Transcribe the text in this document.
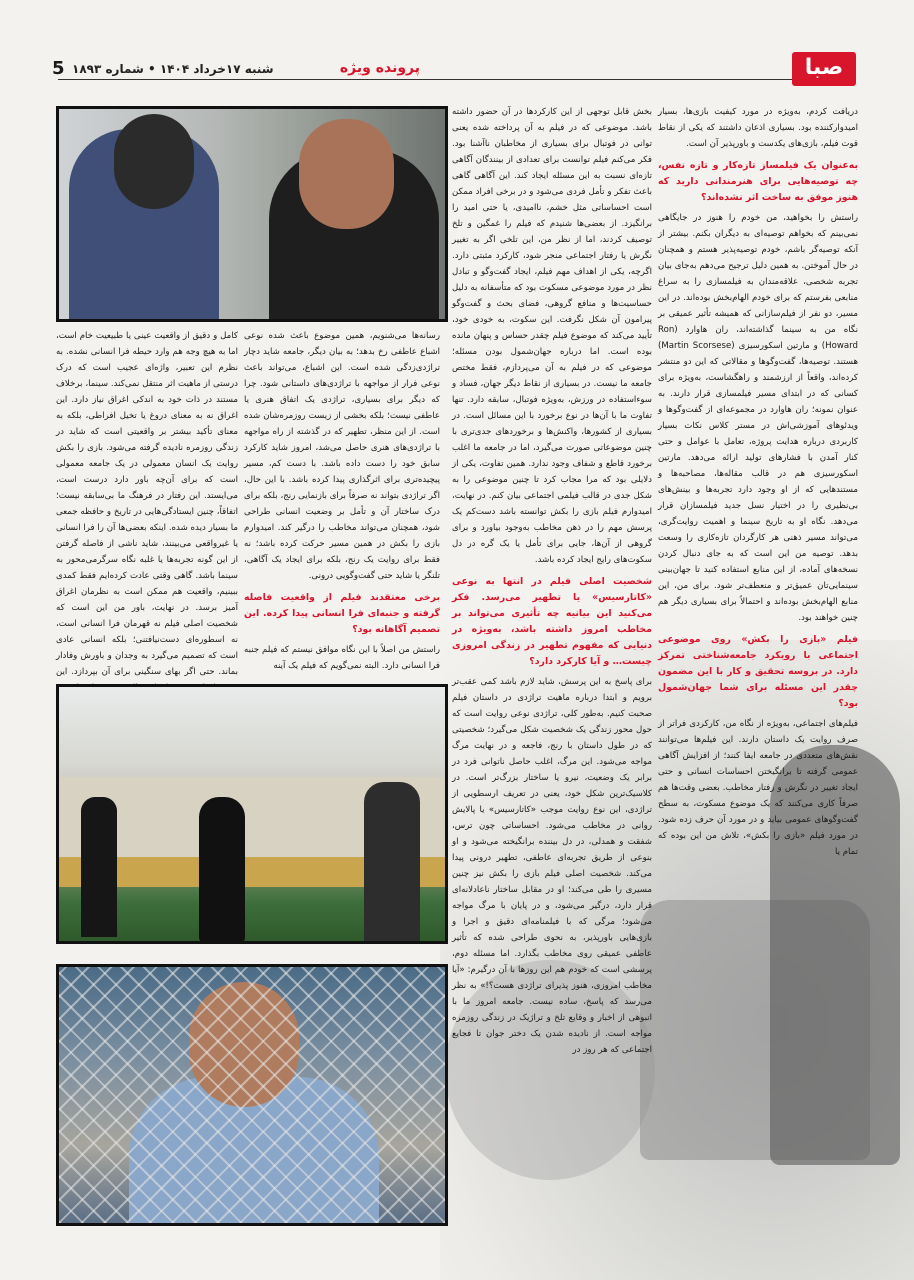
صبا
پرونده ویژه
شنبه ۱۷خرداد ۱۴۰۴ • شماره ۱۸۹۳
5

دریافت کردم، به‌ویژه در مورد کیفیت بازی‌ها، بسیار امیدوارکننده بود. بسیاری اذعان داشتند که یکی از نقاط قوت فیلم، بازی‌های یکدست و باورپذیر آن است.

به‌عنوان یک فیلمساز تازه‌کار و تازه نفس، چه توصیه‌هایی برای هنرمندانی دارید که هنوز موفق به ساخت اثر نشده‌اند؟

راستش را بخواهید، من خودم را هنوز در جایگاهی نمی‌بینم که بخواهم توصیه‌ای به دیگران بکنم. بیشتر از آنکه توصیه‌گر باشم، خودم توصیه‌پذیر هستم و همچنان در حال آموختن. به همین دلیل ترجیح می‌دهم به‌جای بیان تجربه شخصی، علاقه‌مندان به فیلمسازی را به سراغ منابعی بفرستم که برای خودم الهام‌بخش بوده‌اند. در این مسیر، دو نفر از فیلم‌سازانی که همیشه تأثیر عمیقی بر نگاه من به سینما گذاشته‌اند، ران هاوارد (Ron Howard) و مارتین اسکورسیزی (Martin Scorsese) هستند. توصیه‌ها، گفت‌وگوها و مقالاتی که این دو منتشر کرده‌اند، واقعاً از ارزشمند و راهگشاست، به‌ویژه برای کسانی که در ابتدای مسیر فیلمسازی قرار دارند. به عنوان نمونه؛ ران هاوارد در مجموعه‌ای از گفت‌وگوها و ویدئوهای آموزشی‌اش در مستر کلاس نکات بسیار کاربردی درباره هدایت پروژه، تعامل با عوامل و حتی کنار آمدن با فشارهای تولید ارائه می‌دهد. مارتین اسکورسیزی هم در قالب مقاله‌ها، مصاحبه‌ها و مستندهایی که از او وجود دارد تجربه‌ها و بینش‌های بی‌نظیری را در اختیار نسل جدید فیلمسازان قرار می‌دهد. نگاه او به تاریخ سینما و اهمیت روایت‌گری، می‌تواند مسیر ذهنی هر کارگردان تازه‌کاری را وسعت بدهد. توصیه من این است که به جای دنبال کردن نسخه‌های آماده، از این منابع استفاده کنید تا جهان‌بینی سینمایی‌تان عمیق‌تر و منعطف‌تر شود. برای من، این منابع الهام‌بخش بوده‌اند و احتمالاً برای بسیاری دیگر هم چنین خواهند بود.

فیلم «بازی را بکش» روی موضوعی اجتماعی با رویکرد جامعه‌شناختی تمرکز دارد. در بروسه تحقیق و کار با این مضمون چقدر این مسئله برای شما جهان‌شمول بود؟

فیلم‌های اجتماعی، به‌ویژه از نگاه من، کارکردی فراتر از صرف روایت یک داستان دارند. این فیلم‌ها می‌توانند نقش‌های متعددی در جامعه ایفا کنند؛ از افزایش آگاهی عمومی گرفته تا برانگیختن احساسات انسانی و حتی ایجاد تغییر در نگرش و رفتار مخاطب. بعضی وقت‌ها هم صرفاً کاری می‌کنند که یک موضوع مسکوت، به سطح گفت‌وگوهای عمومی بیاید و در مورد آن حرف زده شود. در مورد فیلم «بازی را بکش»، تلاش من این بوده که تمام یا

بخش قابل توجهی از این کارکردها در آن حضور داشته باشد. موضوعی که در فیلم به آن پرداخته شده یعنی توانی در فوتبال برای بسیاری از مخاطبان ناآشنا بود. فکر می‌کنم فیلم توانست برای تعدادی از بینندگان آگاهی تازه‌ای نسبت به این مسئله ایجاد کند. این آگاهی گاهی باعث تفکر و تأمل فردی می‌شود و در برخی افراد ممکن است احساساتی مثل خشم، ناامیدی، یا حتی امید را برانگیزد. از بعضی‌ها شنیدم که فیلم را غمگین و تلخ توصیف کردند، اما از نظر من، این تلخی اگر به تغییر نگرش یا رفتار اجتماعی منجر شود، کارکرد مثبتی دارد. اگرچه، یکی از اهداف مهم فیلم، ایجاد گفت‌وگو و تبادل نظر در مورد موضوعی مسکوت بود که متأسفانه به دلیل حساسیت‌ها و منافع گروهی، فضای بحث و گفت‌وگو پیرامون آن شکل نگرفت. این سکوت، به خودی خود، تأیید می‌کند که موضوع فیلم چقدر حساس و پنهان مانده بوده است. اما درباره جهان‌شمول بودن مسئله؛ موضوعی که در فیلم به آن می‌پردازم، فقط مختص جامعه ما نیست. در بسیاری از نقاط دیگر جهان، فساد و سوءاستفاده در ورزش، به‌ویژه فوتبال، سابقه دارد. تنها تفاوت ما با آن‌ها در نوع برخورد با این مسائل است. در بسیاری از کشورها، واکنش‌ها و برخوردهای جدی‌تری با چنین موضوعاتی صورت می‌گیرد، اما در جامعه ما اغلب برخورد قاطع و شفاف وجود ندارد. همین تفاوت، یکی از دلایلی بود که مرا مجاب کرد تا چنین موضوعی را به شکل جدی در قالب فیلمی اجتماعی بیان کنم. در نهایت، امیدوارم فیلم بازی را بکش توانسته باشد دست‌کم یک پرسش مهم را در ذهن مخاطب به‌وجود بیاورد و برای گروهی از آن‌ها، جایی برای تأمل یا یک گره در دل سکوت‌های رایج ایجاد کرده باشد.

شخصیت اصلی فیلم در انتها به نوعی «کاتارسیس» یا تطهیر می‌رسد. فکر می‌کنید این بیانیه چه تأثیری می‌تواند بر مخاطب امروز داشته باشد، به‌ویژه در دنیایی که مفهوم تطهیر در زندگی امروزی چیست… و آیا کارکرد دارد؟

برای پاسخ به این پرسش، شاید لازم باشد کمی عقب‌تر برویم و ابتدا درباره ماهیت تراژدی در داستان فیلم صحبت کنیم. به‌طور کلی، تراژدی نوعی روایت است که حول محور زندگی یک شخصیت شکل می‌گیرد؛ شخصیتی که در طول داستان با رنج، فاجعه و در نهایت مرگ مواجه می‌شود. این مرگ، اغلب حاصل ناتوانی فرد در برابر یک وضعیت، نیرو یا ساختار بزرگ‌تر است. در کلاسیک‌ترین شکل خود، یعنی در تعریف ارسطویی از تراژدی، این نوع روایت موجب «کاتارسیس» یا پالایش روانی در مخاطب می‌شود. احساساتی چون ترس، شفقت و همدلی، در دل بیننده برانگیخته می‌شود و او بنوعی از طریق تجربه‌ای عاطفی، تطهیر درونی پیدا می‌کند. شخصیت اصلی فیلم بازی را بکش نیز چنین مسیری را طی می‌کند؛ او در مقابل ساختار ناعادلانه‌ای قرار دارد، درگیر می‌شود، و در پایان با مرگ مواجه می‌شود؛ مرگی که با فیلمنامه‌ای دقیق و اجرا و بازی‌هایی باورپذیر، به نحوی طراحی شده که تأثیر عاطفی عمیقی روی مخاطب بگذارد. اما مسئله دوم، پرسشی است که خودم هم این روزها با آن درگیرم: «آیا مخاطب امروزی، هنوز پذیرای تراژدی هست؟!» به نظر می‌رسد که پاسخ، ساده نیست. جامعه امروز ما با انبوهی از اخبار و وقایع تلخ و تراژیک در زندگی روزمره مواجه است. از نادیده شدن یک دختر جوان تا فجایع اجتماعی که هر روز در

رسانه‌ها می‌شنویم، همین موضوع باعث شده نوعی اشباع عاطفی رخ بدهد؛ به بیان دیگر، جامعه شاید دچار تراژدی‌زدگی شده است. این اشباع، می‌تواند باعث نوعی فرار از مواجهه با تراژدی‌های داستانی شود. چرا که دیگر برای بسیاری، تراژدی یک اتفاق هنری یا عاطفی نیست؛ بلکه بخشی از زیست روزمره‌شان شده است. از این منظر، تطهیر که در گذشته از راه مواجهه با تراژدی‌های هنری حاصل می‌شد، امروز شاید کارکرد سابق خود را دست داده باشد. با دست کم، مسیر پیچیده‌تری برای اثرگذاری پیدا کرده باشد. با این حال، اگر تراژدی بتواند نه صرفاً برای بازنمایی رنج، بلکه برای درک ساختار آن و تأمل بر وضعیت انسانی طراحی شود، همچنان می‌تواند مخاطب را درگیر کند. امیدوارم بازی را بکش در همین مسیر حرکت کرده باشد؛ نه فقط برای روایت یک رنج، بلکه برای ایجاد یک آگاهی، تلنگر یا شاید حتی گفت‌وگویی درونی.

برخی معتقدند فیلم از واقعیت فاصله گرفته و جنبه‌ای فرا انسانی پیدا کرده. این تصمیم آگاهانه بود؟

راستش من اصلاً با این نگاه موافق نیستم که فیلم جنبه فرا انسانی دارد. البته نمی‌گویم که فیلم یک آینه

کامل و دقیق از واقعیت عینی یا طبیعیت خام است، اما به هیچ وجه هم وارد حیطه فرا انسانی نشده. به نظرم این تعبیر، واژه‌ای عجیب است که درک درستی از ماهیت اثر منتقل نمی‌کند. سینما، برخلاف مستند در ذات خود به اندکی اغراق نیاز دارد. این اغراق نه به معنای دروغ یا تخیل افراطی، بلکه به معنای تأکید بیشتر بر واقعیتی است که شاید در زندگی روزمره نادیده گرفته می‌شود. بازی را بکش روایت یک انسان معمولی در یک جامعه معمولی است که برای آن‌چه باور دارد درست است، می‌ایستد. این رفتار در فرهنگ ما بی‌سابقه نیست؛ اتفاقاً، چنین ایستادگی‌هایی در تاریخ و حافظه جمعی ما بسیار دیده شده. اینکه بعضی‌ها آن را فرا انسانی یا غیرواقعی می‌بینند، شاید ناشی از فاصله گرفتن از این گونه تجربه‌ها یا غلبه نگاه سرگرمی‌محور به سینما باشد. گاهی وقتی عادت کرده‌ایم فقط کمدی ببینیم، واقعیت هم ممکن است به نظرمان اغراق آمیز برسد. در نهایت، باور من این است که شخصیت اصلی فیلم نه قهرمان فرا انسانی است، نه اسطوره‌ای دست‌نیافتنی؛ بلکه انسانی عادی است که تصمیم می‌گیرد به وجدان و باورش وفادار بماند. حتی اگر بهای سنگینی برای آن بپردازد. این
